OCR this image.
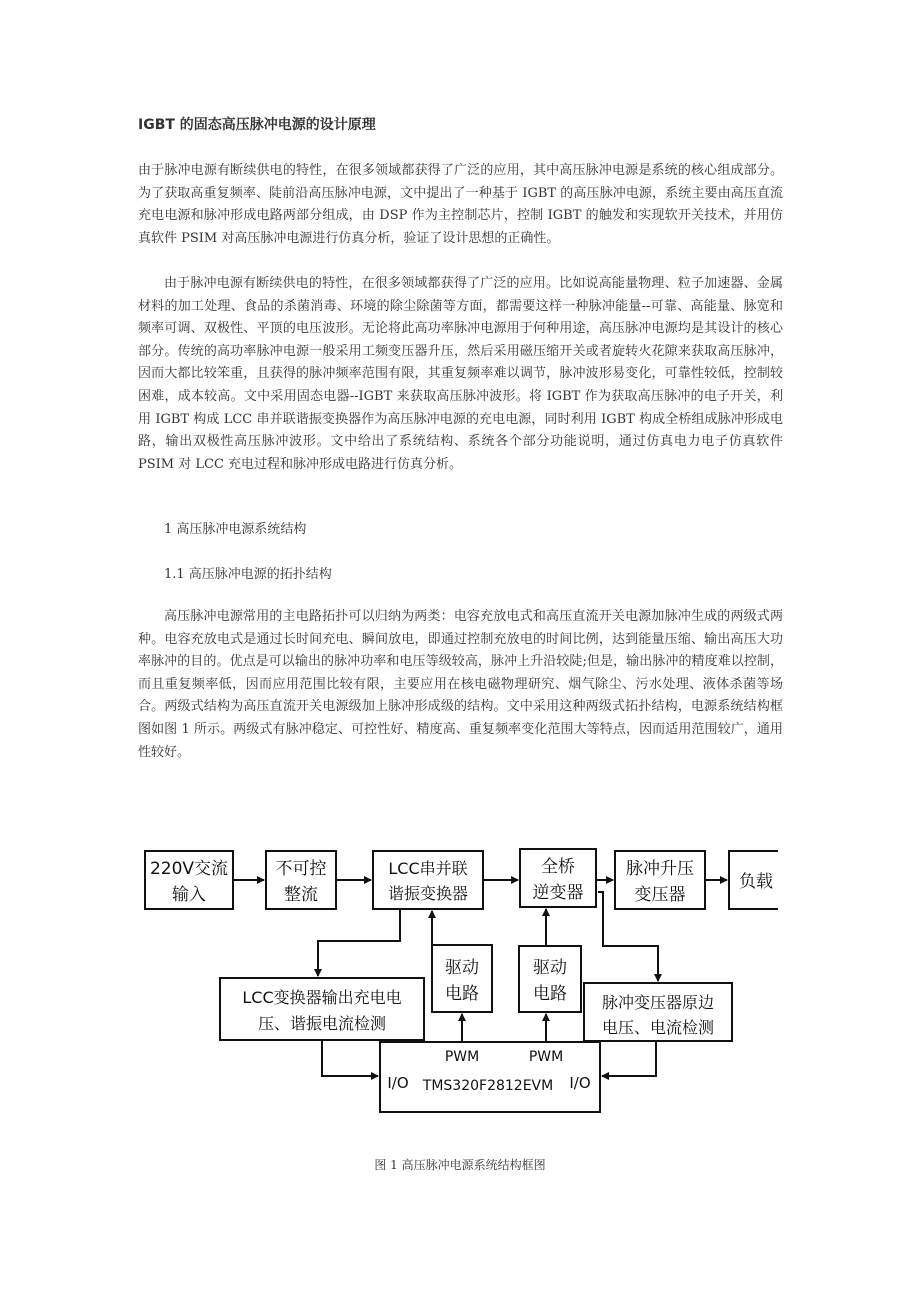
IGBT 的固态高压脉冲电源的设计原理
由于脉冲电源有断续供电的特性，在很多领域都获得了广泛的应用，其中高压脉冲电源是系统的核心组成部分。为了获取高重复频率、陡前沿高压脉冲电源，文中提出了一种基于 IGBT 的高压脉冲电源，系统主要由高压直流充电电源和脉冲形成电路两部分组成，由 DSP 作为主控制芯片，控制 IGBT 的触发和实现软开关技术，并用仿真软件 PSIM 对高压脉冲电源进行仿真分析，验证了设计思想的正确性。
由于脉冲电源有断续供电的特性，在很多领域都获得了广泛的应用。比如说高能量物理、粒子加速器、金属材料的加工处理、食品的杀菌消毒、环境的除尘除菌等方面，都需要这样一种脉冲能量--可靠、高能量、脉宽和频率可调、双极性、平顶的电压波形。无论将此高功率脉冲电源用于何种用途，高压脉冲电源均是其设计的核心部分。传统的高功率脉冲电源一般采用工频变压器升压，然后采用磁压缩开关或者旋转火花隙来获取高压脉冲，因而大都比较笨重，且获得的脉冲频率范围有限，其重复频率难以调节，脉冲波形易变化，可靠性较低，控制较困难，成本较高。文中采用固态电器--IGBT 来获取高压脉冲波形。将 IGBT 作为获取高压脉冲的电子开关，利用 IGBT 构成 LCC 串并联谐振变换器作为高压脉冲电源的充电电源，同时利用 IGBT 构成全桥组成脉冲形成电路，输出双极性高压脉冲波形。文中给出了系统结构、系统各个部分功能说明，通过仿真电力电子仿真软件 PSIM 对 LCC 充电过程和脉冲形成电路进行仿真分析。
1 高压脉冲电源系统结构
1.1 高压脉冲电源的拓扑结构
高压脉冲电源常用的主电路拓扑可以归纳为两类：电容充放电式和高压直流开关电源加脉冲生成的两级式两种。电容充放电式是通过长时间充电、瞬间放电，即通过控制充放电的时间比例，达到能量压缩、输出高压大功率脉冲的目的。优点是可以输出的脉冲功率和电压等级较高，脉冲上升沿较陡;但是，输出脉冲的精度难以控制，而且重复频率低，因而应用范围比较有限，主要应用在核电磁物理研究、烟气除尘、污水处理、液体杀菌等场合。两级式结构为高压直流开关电源级加上脉冲形成级的结构。文中采用这种两级式拓扑结构，电源系统结构框图如图 1 所示。两级式有脉冲稳定、可控性好、精度高、重复频率变化范围大等特点，因而适用范围较广，通用性较好。
220V交流
输入
不可控
整流
LCC串并联
谐振变换器
全桥
逆变器
脉冲升压
变压器
负载
LCC变换器输出充电电
压、谐振电流检测
驱动
电路
驱动
电路 脉冲变压器原边
电压、电流检测
PWM	PWM
I/O	I/O
TMS320F2812EVM
图 1 高压脉冲电源系统结构框图
